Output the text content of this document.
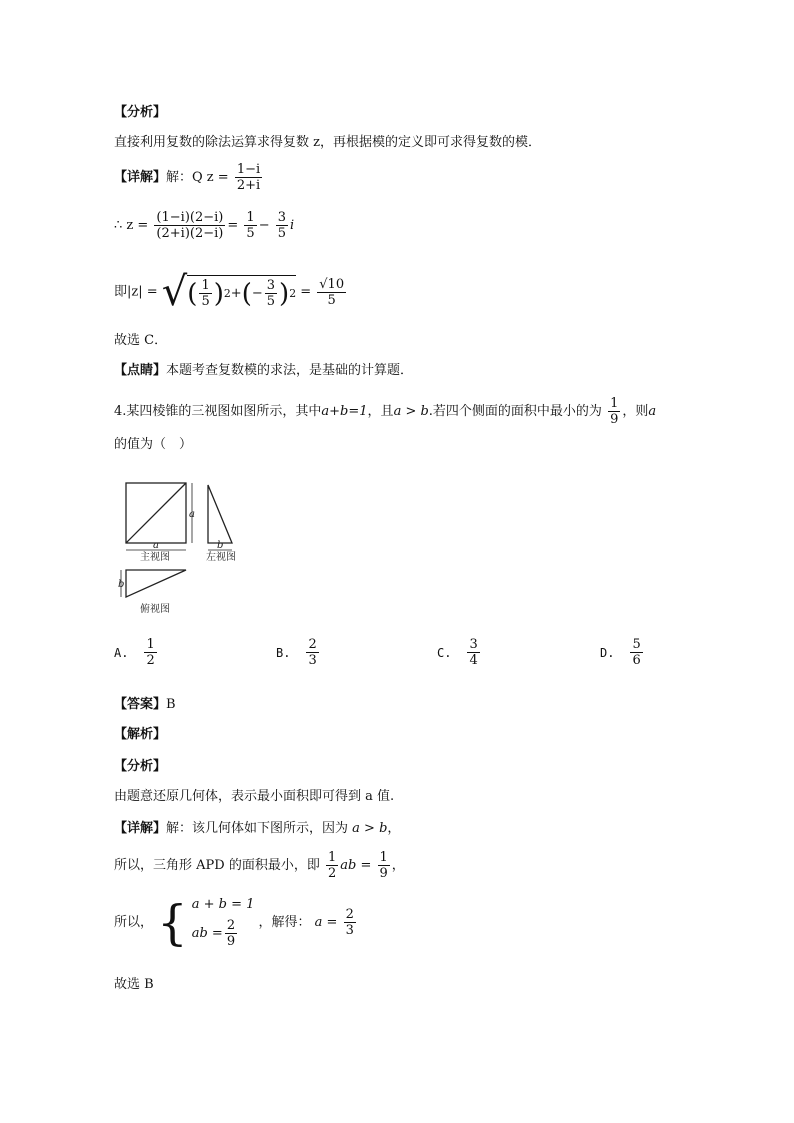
【分析】
直接利用复数的除法运算求得复数 z，再根据模的定义即可求得复数的模．
【详解】解：Q $z = \frac{1-i}{2+i}$
∴ $z = \frac{(1-i)(2-i)}{(2+i)(2-i)} = \frac{1}{5} - \frac{3}{5}$ i
即|z| = √ ( $\frac{1}{5}$ ) 2 + ( − $\frac{3}{5}$ ) $2 = \frac{√10}{5}$
故选 C．
【点睛】本题考查复数模的求法，是基础的计算题．
4.某四棱锥的三视图如图所示，其中a+b=1，且a > b.若四个侧面的面积中最小的为 $\frac{1}{9}$ ，则a
的值为（　）
a
a	b
b
主视图	左视图
俯视图
A. $\frac{1}{2}$	B. $\frac{2}{3}$	C. $\frac{3}{4}$	D. $\frac{5}{6}$
【答案】B
【解析】
【分析】
由题意还原几何体，表示最小面积即可得到 a 值.
【详解】解：该几何体如下图所示，因为 a > b，
所以，三角形 APD 的面积最小，即 $\frac{1}{2}$ ab = $\frac{1}{9}$ ，
所以， { a + b = 1
ab = $\frac{2}{9}$ ，解得： $a = \frac{2}{3}$
故选 B
